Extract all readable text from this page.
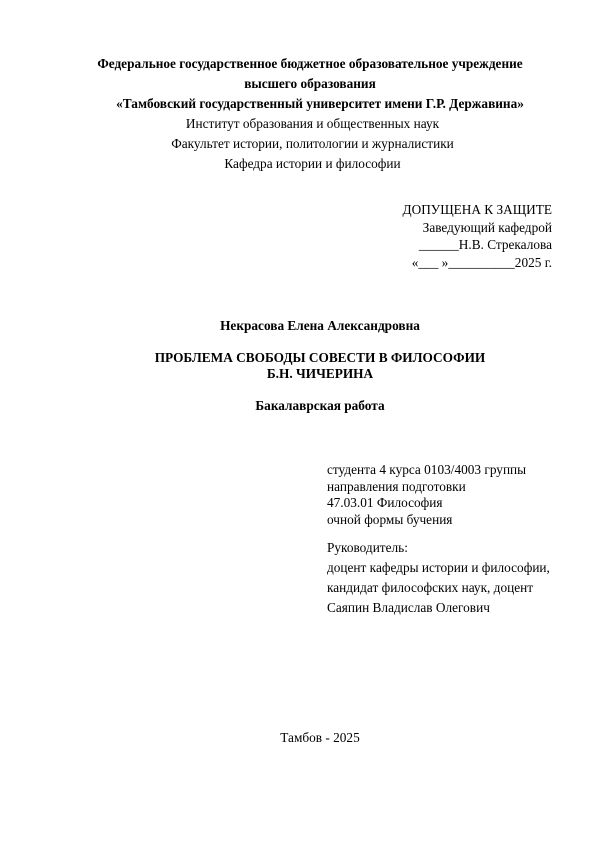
Федеральное государственное бюджетное образовательное учреждение
высшего образования
«Тамбовский государственный университет имени Г.Р. Державина»
Институт образования и общественных наук
Факультет истории, политологии и журналистики
Кафедра истории и философии
ДОПУЩЕНА К ЗАЩИТЕ
Заведующий кафедрой
______Н.В. Стрекалова
«___ »__________2025 г.
Некрасова Елена Александровна
ПРОБЛЕМА СВОБОДЫ СОВЕСТИ В ФИЛОСОФИИ
Б.Н. ЧИЧЕРИНА
Бакалаврская работа
студента 4 курса 0103/4003 группы
направления подготовки
47.03.01 Философия
очной формы бучения
Руководитель:
доцент кафедры истории и философии,
кандидат философских наук, доцент
Саяпин Владислав Олегович
Тамбов - 2025
